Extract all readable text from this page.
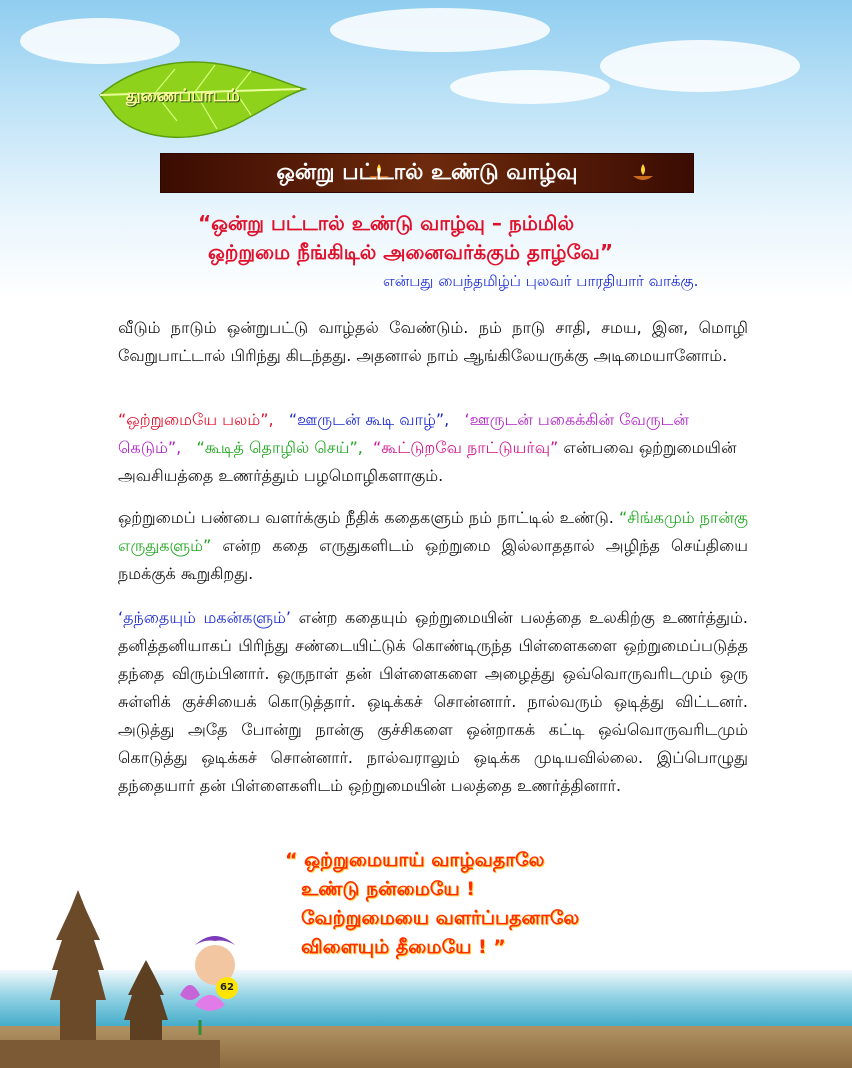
துணைப்பாடம்
ஒன்று பட்டால் உண்டு வாழ்வு
“ஒன்று பட்டால் உண்டு வாழ்வு – நம்மில்
ஒற்றுமை நீங்கிடில் அனைவர்க்கும் தாழ்வே”
என்பது பைந்தமிழ்ப் புலவர் பாரதியார் வாக்கு.

வீடும் நாடும் ஒன்றுபட்டு வாழ்தல் வேண்டும். நம் நாடு சாதி, சமய, இன, மொழி வேறுபாட்டால் பிரிந்து கிடந்தது. அதனால் நாம் ஆங்கிலேயருக்கு அடிமையானோம்.

“ஒற்றுமையே பலம்”, “ஊருடன் கூடி வாழ்”, ‘ஊருடன் பகைக்கின் வேருடன் கெடும்”, “கூடித் தொழில் செய்”, “கூட்டுறவே நாட்டுயர்வு” என்பவை ஒற்றுமையின் அவசியத்தை உணர்த்தும் பழமொழிகளாகும்.

ஒற்றுமைப் பண்பை வளர்க்கும் நீதிக் கதைகளும் நம் நாட்டில் உண்டு. “சிங்கமும் நான்கு எருதுகளும்” என்ற கதை எருதுகளிடம் ஒற்றுமை இல்லாததால் அழிந்த செய்தியை நமக்குக் கூறுகிறது.

‘தந்தையும் மகன்களும்’ என்ற கதையும் ஒற்றுமையின் பலத்தை உலகிற்கு உணர்த்தும். தனித்தனியாகப் பிரிந்து சண்டையிட்டுக் கொண்டிருந்த பிள்ளைகளை ஒற்றுமைப்படுத்த தந்தை விரும்பினார். ஒருநாள் தன் பிள்ளைகளை அழைத்து ஒவ்வொருவரிடமும் ஒரு சுள்ளிக் குச்சியைக் கொடுத்தார். ஒடிக்கச் சொன்னார். நால்வரும் ஒடித்து விட்டனர். அடுத்து அதே போன்று நான்கு குச்சிகளை ஒன்றாகக் கட்டி ஒவ்வொருவரிடமும் கொடுத்து ஒடிக்கச் சொன்னார். நால்வராலும் ஒடிக்க முடியவில்லை. இப்பொழுது தந்தையார் தன் பிள்ளைகளிடம் ஒற்றுமையின் பலத்தை உணர்த்தினார்.

62
“ ஒற்றுமையாய் வாழ்வதாலே
உண்டு நன்மையே !
வேற்றுமையை வளர்ப்பதனாலே
விளையும் தீமையே ! ”
